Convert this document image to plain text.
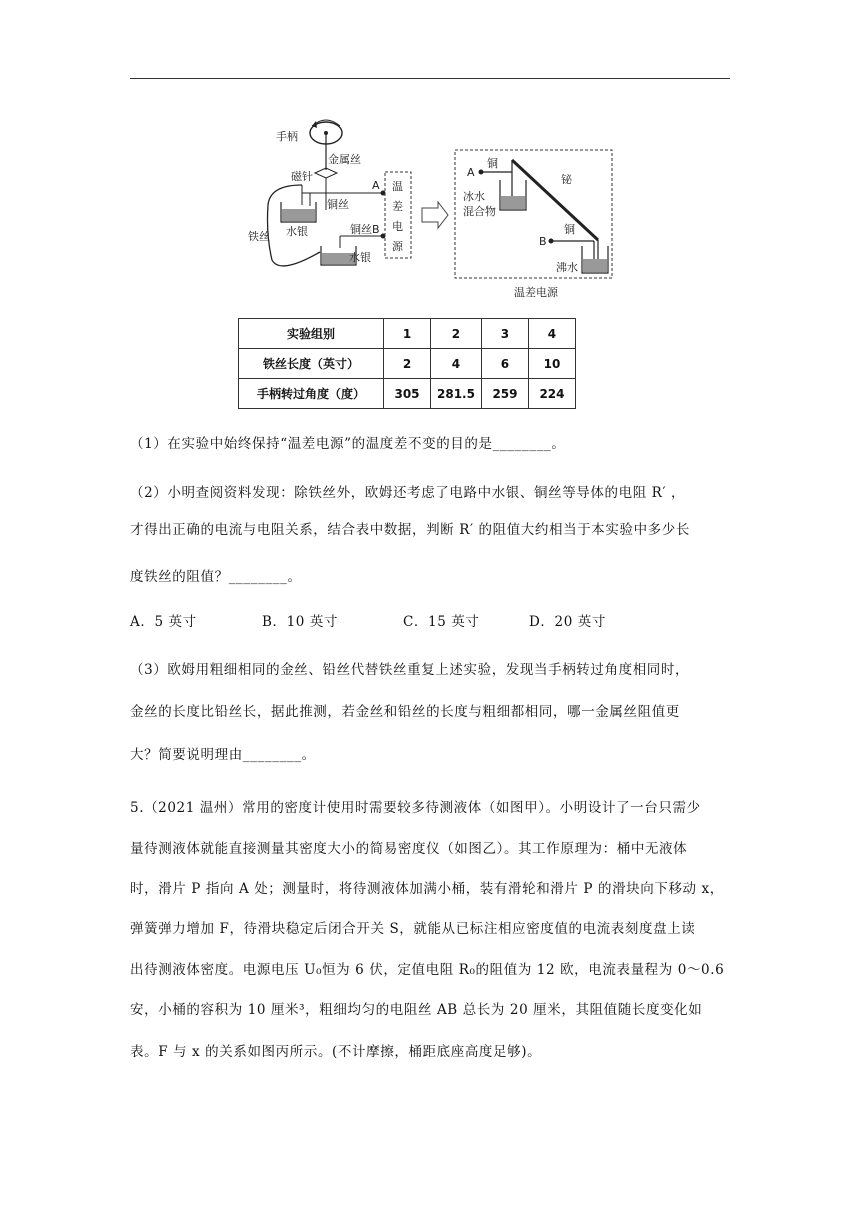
手柄
金属丝
磁针
铜丝
水银
铁丝
铜丝
水银
A
B
温
差
电
源
A
铜
铋
冰水
混合物
B
铜
沸水
温差电源
实验组别	1	2	3	4
铁丝长度（英寸）	2	4	6	10
手柄转过角度（度）	305	281.5	259	224
（1）在实验中始终保持“温差电源”的温度差不变的目的是________。
（2）小明查阅资料发现：除铁丝外，欧姆还考虑了电路中水银、铜丝等导体的电阻 R′ ，
才得出正确的电流与电阻关系，结合表中数据，判断 R′ 的阻值大约相当于本实验中多少长
度铁丝的阻值？________。
A．5 英寸	B．10 英寸	C．15 英寸	D．20 英寸
（3）欧姆用粗细相同的金丝、铅丝代替铁丝重复上述实验，发现当手柄转过角度相同时，
金丝的长度比铅丝长，据此推测，若金丝和铅丝的长度与粗细都相同，哪一金属丝阻值更
大？简要说明理由________。
5.（2021 温州）常用的密度计使用时需要较多待测液体（如图甲）。小明设计了一台只需少
量待测液体就能直接测量其密度大小的简易密度仪（如图乙）。其工作原理为：桶中无液体
时，滑片 P 指向 A 处；测量时，将待测液体加满小桶，装有滑轮和滑片 P 的滑块向下移动 x，
弹簧弹力增加 F，待滑块稳定后闭合开关 S，就能从已标注相应密度值的电流表刻度盘上读
出待测液体密度。电源电压 U₀恒为 6 伏，定值电阻 R₀的阻值为 12 欧，电流表量程为 0～0.6
安，小桶的容积为 10 厘米³，粗细均匀的电阻丝 AB 总长为 20 厘米，其阻值随长度变化如
表。F 与 x 的关系如图丙所示。(不计摩擦，桶距底座高度足够)。
